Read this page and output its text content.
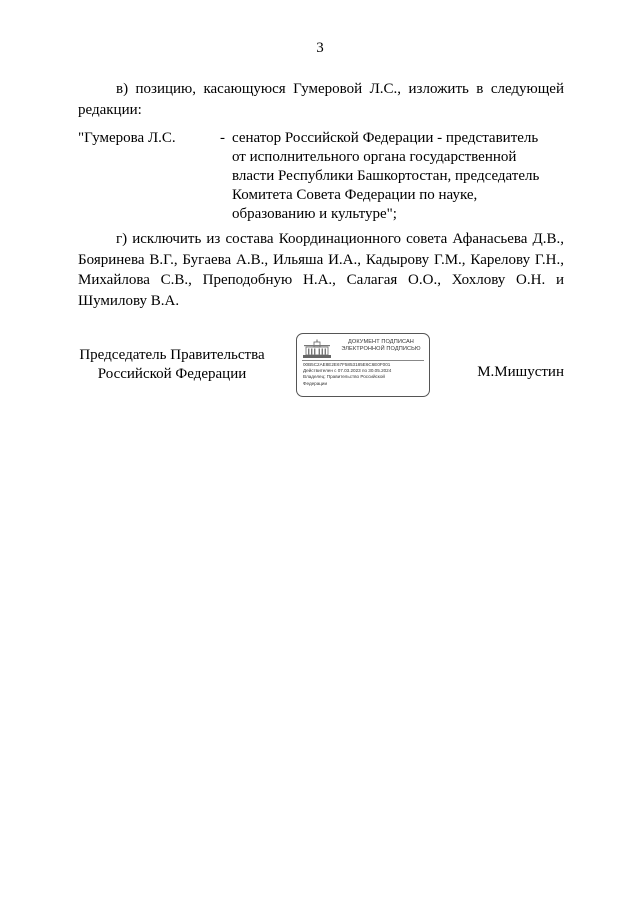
3
в) позицию, касающуюся Гумеровой Л.С., изложить в следующей редакции:
"Гумерова Л.С.	- сенатор Российской Федерации - представитель
от исполнительного органа государственной
власти Республики Башкортостан, председатель
Комитета Совета Федерации по науке,
образованию и культуре";
г) исключить из состава Координационного совета Афанасьева Д.В., Бояринева В.Г., Бугаева А.В., Ильяша И.А., Кадырову Г.М., Карелову Г.Н., Михайлова С.В., Преподобную Н.А., Салагая О.О., Хохлову О.Н. и Шумилову В.А.
Председатель Правительства
Российской Федерации
ДОКУМЕНТ ПОДПИСАН
ЭЛЕКТРОННОЙ ПОДПИСЬЮ
00B5C2AE8E2E67F5853185E6C6E0F001
Действителен с 07.03.2023 по 30.05.2024
Владелец: Правительство Российской
Федерации
М.Мишустин
